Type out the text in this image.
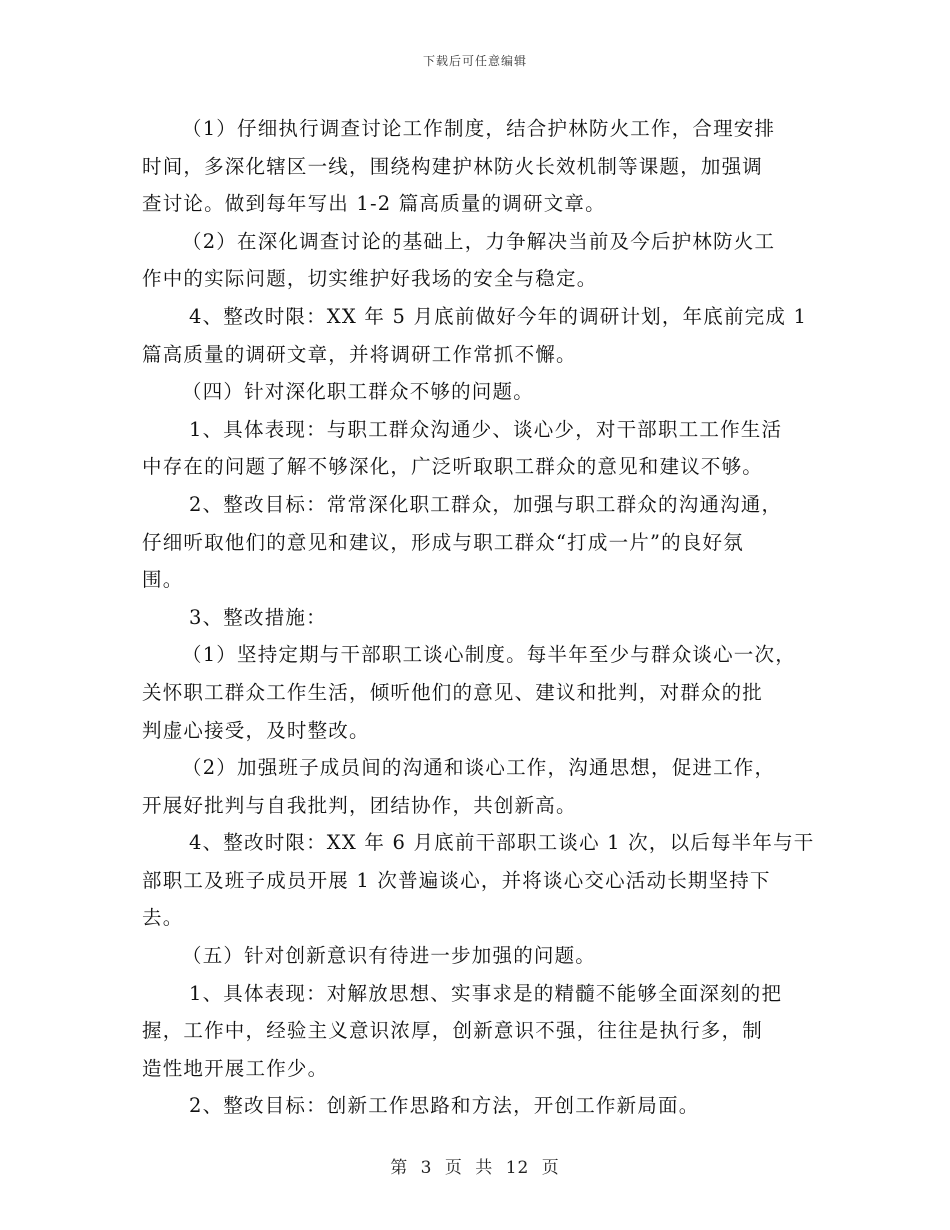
下载后可任意编辑
（1）仔细执行调查讨论工作制度，结合护林防火工作，合理安排
时间，多深化辖区一线，围绕构建护林防火长效机制等课题，加强调
查讨论。做到每年写出 1-2 篇高质量的调研文章。
（2）在深化调查讨论的基础上，力争解决当前及今后护林防火工
作中的实际问题，切实维护好我场的安全与稳定。
4、整改时限：XX 年 5 月底前做好今年的调研计划，年底前完成 1
篇高质量的调研文章，并将调研工作常抓不懈。
（四）针对深化职工群众不够的问题。
1、具体表现：与职工群众沟通少、谈心少，对干部职工工作生活
中存在的问题了解不够深化，广泛听取职工群众的意见和建议不够。
2、整改目标：常常深化职工群众，加强与职工群众的沟通沟通，
仔细听取他们的意见和建议，形成与职工群众“打成一片”的良好氛
围。
3、整改措施：
（1）坚持定期与干部职工谈心制度。每半年至少与群众谈心一次，
关怀职工群众工作生活，倾听他们的意见、建议和批判，对群众的批
判虚心接受，及时整改。
（2）加强班子成员间的沟通和谈心工作，沟通思想，促进工作，
开展好批判与自我批判，团结协作，共创新高。
4、整改时限：XX 年 6 月底前干部职工谈心 1 次，以后每半年与干
部职工及班子成员开展 1 次普遍谈心，并将谈心交心活动长期坚持下
去。
（五）针对创新意识有待进一步加强的问题。
1、具体表现：对解放思想、实事求是的精髓不能够全面深刻的把
握，工作中，经验主义意识浓厚，创新意识不强，往往是执行多，制
造性地开展工作少。
2、整改目标：创新工作思路和方法，开创工作新局面。
第 3 页 共 12 页
